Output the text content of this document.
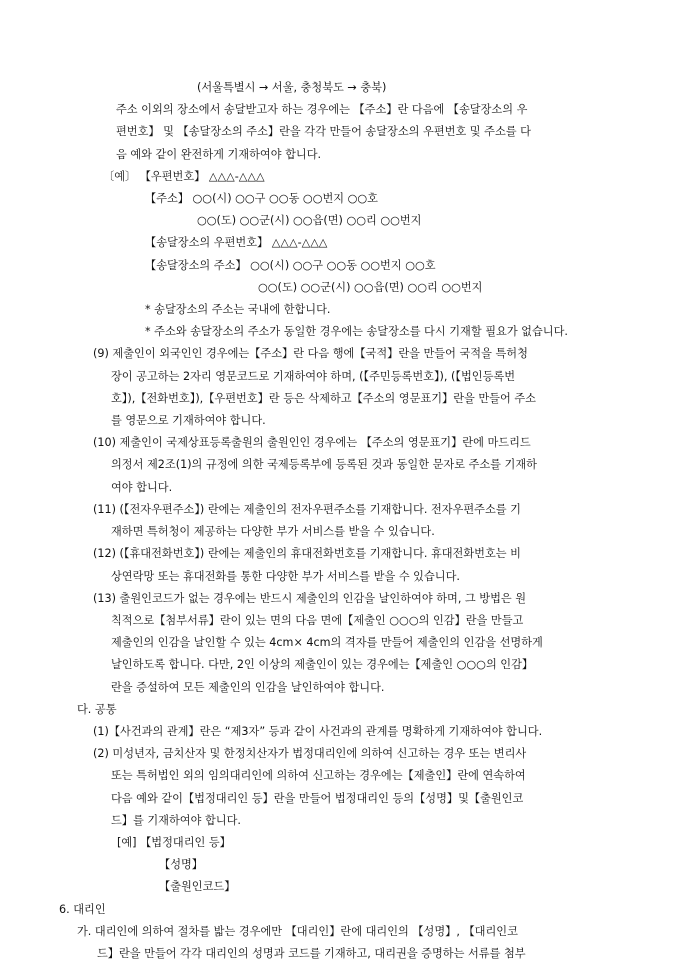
(서울특별시 → 서울, 충청북도 → 충북)
주소 이외의 장소에서 송달받고자 하는 경우에는 【주소】란 다음에 【송달장소의 우
편번호】 및 【송달장소의 주소】란을 각각 만들어 송달장소의 우편번호 및 주소를 다
음 예와 같이 완전하게 기재하여야 합니다.
〔예〕 【우편번호】 △△△-△△△
【주소】 ○○(시) ○○구 ○○동 ○○번지 ○○호
○○(도) ○○군(시) ○○읍(면) ○○리 ○○번지
【송달장소의 우편번호】 △△△-△△△
【송달장소의 주소】 ○○(시) ○○구 ○○동 ○○번지 ○○호
○○(도) ○○군(시) ○○읍(면) ○○리 ○○번지
* 송달장소의 주소는 국내에 한합니다.
* 주소와 송달장소의 주소가 동일한 경우에는 송달장소를 다시 기재할 필요가 없습니다.
(9) 제출인이 외국인인 경우에는【주소】란 다음 행에【국적】란을 만들어 국적을 특허청
장이 공고하는 2자리 영문코드로 기재하여야 하며, (【주민등록번호】), (【법인등록번
호】),【전화번호】),【우편번호】란 등은 삭제하고【주소의 영문표기】란을 만들어 주소
를 영문으로 기재하여야 합니다.
(10) 제출인이 국제상표등록출원의 출원인인 경우에는 【주소의 영문표기】란에 마드리드
의정서 제2조(1)의 규정에 의한 국제등록부에 등록된 것과 동일한 문자로 주소를 기재하
여야 합니다.
(11) (【전자우편주소】) 란에는 제출인의 전자우편주소를 기재합니다. 전자우편주소를 기
재하면 특허청이 제공하는 다양한 부가 서비스를 받을 수 있습니다.
(12) (【휴대전화번호】) 란에는 제출인의 휴대전화번호를 기재합니다. 휴대전화번호는 비
상연락망 또는 휴대전화를 통한 다양한 부가 서비스를 받을 수 있습니다.
(13) 출원인코드가 없는 경우에는 반드시 제출인의 인감을 날인하여야 하며, 그 방법은 원
칙적으로【첨부서류】란이 있는 면의 다음 면에【제출인 ○○○의 인감】란을 만들고
제출인의 인감을 날인할 수 있는 4cm× 4cm의 격자를 만들어 제출인의 인감을 선명하게
날인하도록 합니다. 다만, 2인 이상의 제출인이 있는 경우에는【제출인 ○○○의 인감】
란을 증설하여 모든 제출인의 인감을 날인하여야 합니다.
다. 공통
(1)【사건과의 관계】란은 “제3자” 등과 같이 사건과의 관계를 명확하게 기재하여야 합니다.
(2) 미성년자, 금치산자 및 한정치산자가 법정대리인에 의하여 신고하는 경우 또는 변리사
또는 특허법인 외의 임의대리인에 의하여 신고하는 경우에는【제출인】란에 연속하여
다음 예와 같이【법정대리인 등】란을 만들어 법정대리인 등의【성명】및【출원인코
드】를 기재하여야 합니다.
[예] 【법정대리인 등】
【성명】
【출원인코드】
6. 대리인
가. 대리인에 의하여 절차를 밟는 경우에만 【대리인】란에 대리인의 【성명】, 【대리인코
드】란을 만들어 각각 대리인의 성명과 코드를 기재하고, 대리권을 증명하는 서류를 첨부
